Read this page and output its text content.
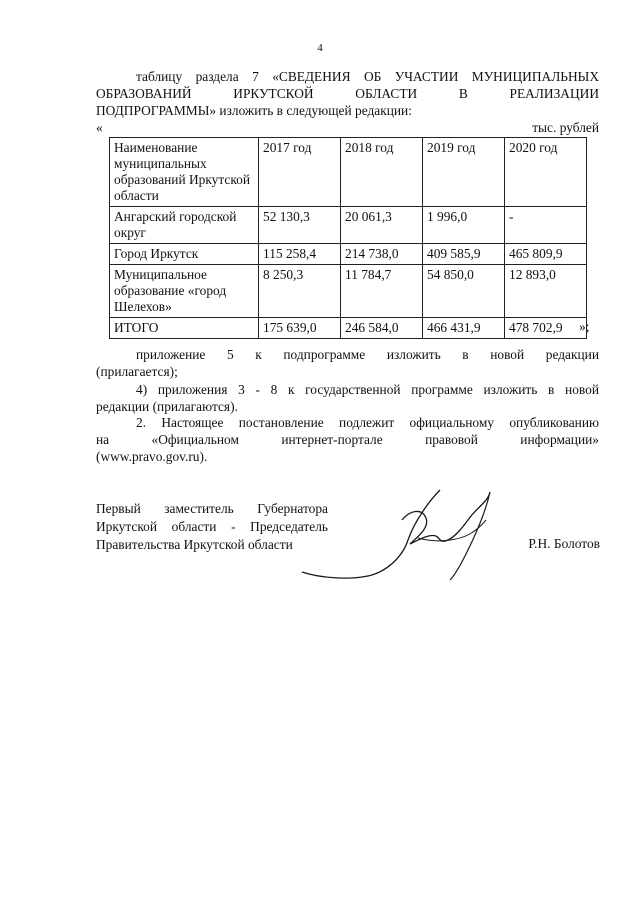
4

таблицу раздела 7 «СВЕДЕНИЯ ОБ УЧАСТИИ МУНИЦИПАЛЬНЫХ
ОБРАЗОВАНИЙ ИРКУТСКОЙ ОБЛАСТИ В РЕАЛИЗАЦИИ
ПОДПРОГРАММЫ» изложить в следующей редакции:

«	тыс. рублей
Наименование муниципальных образований Иркутской области	2017 год	2018 год	2019 год	2020 год
Ангарский городской округ	52 130,3	20 061,3	1 996,0	-
Город Иркутск	115 258,4	214 738,0	409 585,9	465 809,9
Муниципальное образование «город Шелехов»	8 250,3	11 784,7	54 850,0	12 893,0
ИТОГО	175 639,0	246 584,0	466 431,9	478 702,9 »;

приложение 5 к подпрограмме изложить в новой редакции
(прилагается);

4) приложения 3 - 8 к государственной программе изложить в новой
редакции (прилагаются).

2. Настоящее постановление подлежит официальному опубликованию
на «Официальном интернет-портале правовой информации»
(www.pravo.gov.ru).

Первый заместитель Губернатора
Иркутской области - Председатель
Правительства Иркутской области	Р.Н. Болотов
